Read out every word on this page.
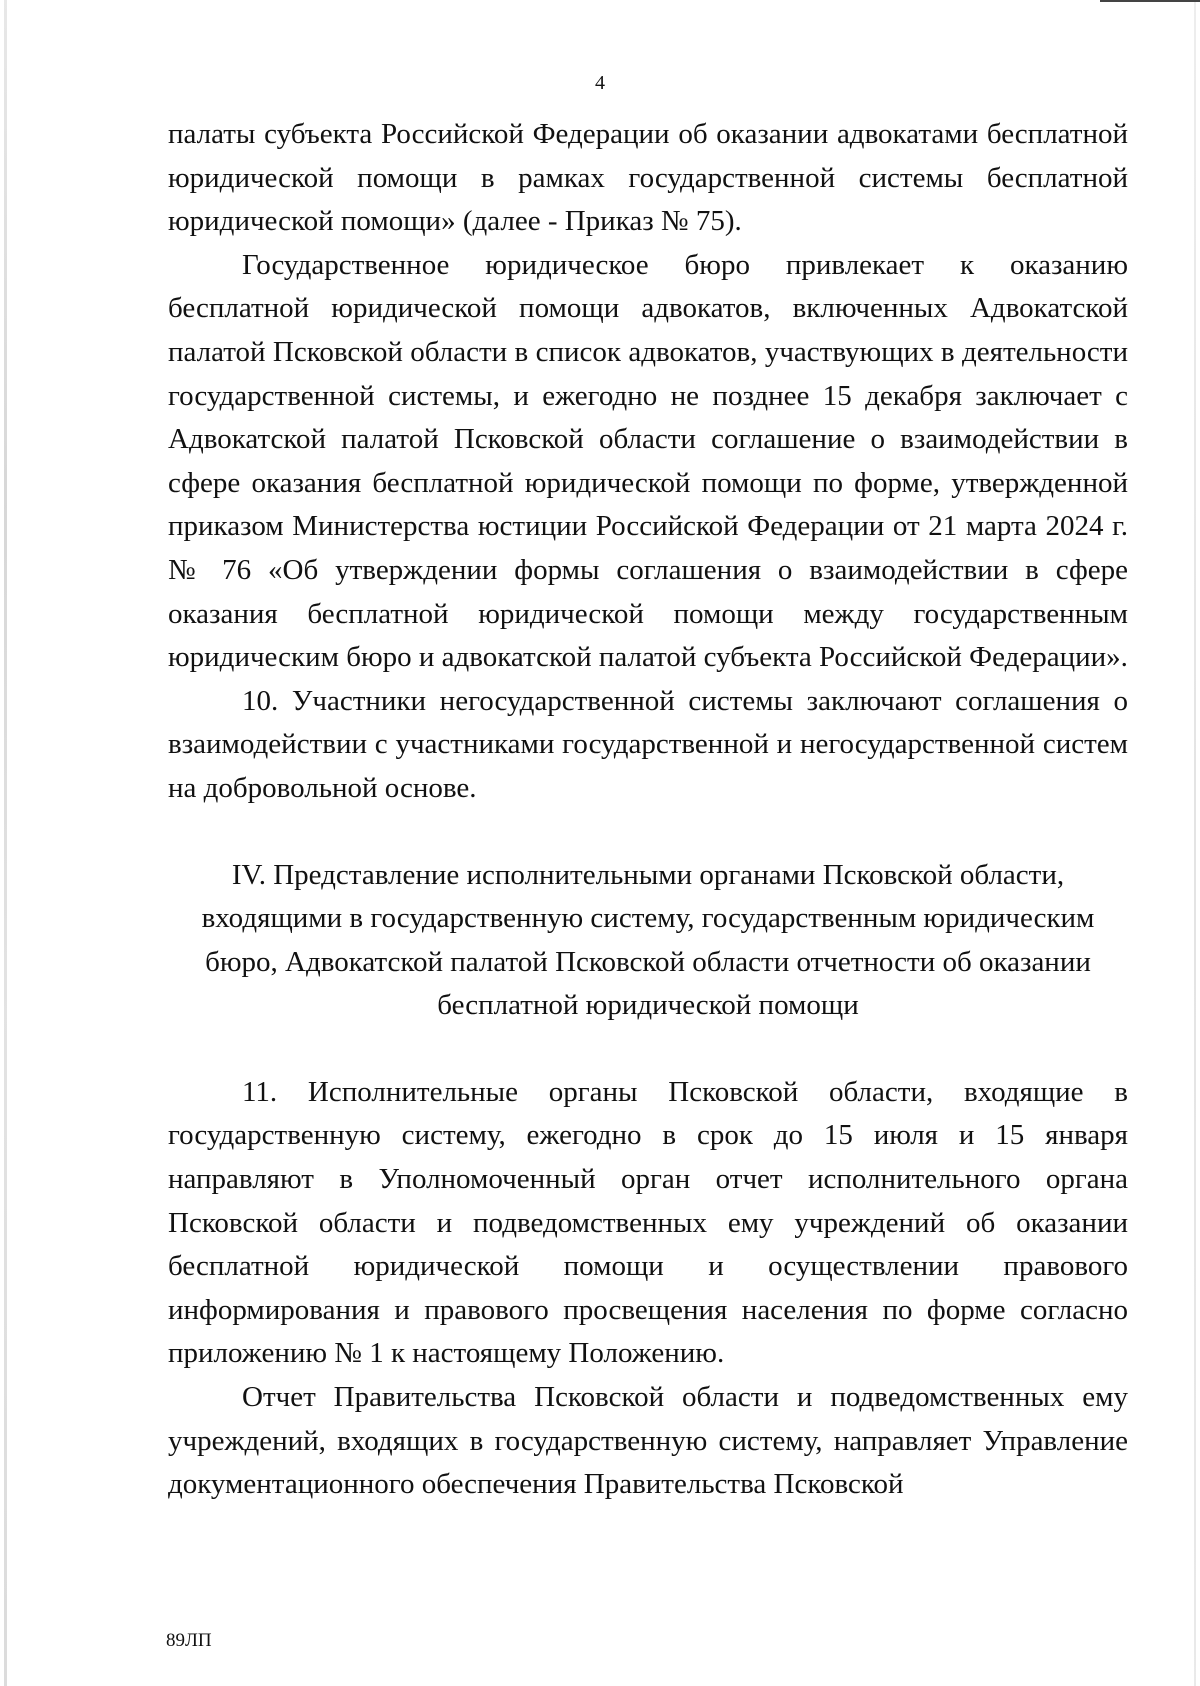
4

палаты субъекта Российской Федерации об оказании адвокатами бесплатной юридической помощи в рамках государственной системы бесплатной юридической помощи» (далее - Приказ № 75).

Государственное юридическое бюро привлекает к оказанию бесплатной юридической помощи адвокатов, включенных Адвокатской палатой Псковской области в список адвокатов, участвующих в деятельности государственной системы, и ежегодно не позднее 15 декабря заключает с Адвокатской палатой Псковской области соглашение о взаимодействии в сфере оказания бесплатной юридической помощи по форме, утвержденной приказом Министерства юстиции Российской Федерации от 21 марта 2024 г. № 76 «Об утверждении формы соглашения о взаимодействии в сфере оказания бесплатной юридической помощи между государственным юридическим бюро и адвокатской палатой субъекта Российской Федерации».

10. Участники негосударственной системы заключают соглашения о взаимодействии с участниками государственной и негосударственной систем на добровольной основе.

IV. Представление исполнительными органами Псковской области, входящими в государственную систему, государственным юридическим бюро, Адвокатской палатой Псковской области отчетности об оказании бесплатной юридической помощи

11. Исполнительные органы Псковской области, входящие в государственную систему, ежегодно в срок до 15 июля и 15 января направляют в Уполномоченный орган отчет исполнительного органа Псковской области и подведомственных ему учреждений об оказании бесплатной юридической помощи и осуществлении правового информирования и правового просвещения населения по форме согласно приложению № 1 к настоящему Положению.

Отчет Правительства Псковской области и подведомственных ему учреждений, входящих в государственную систему, направляет Управление документационного обеспечения Правительства Псковской

89ЛП
